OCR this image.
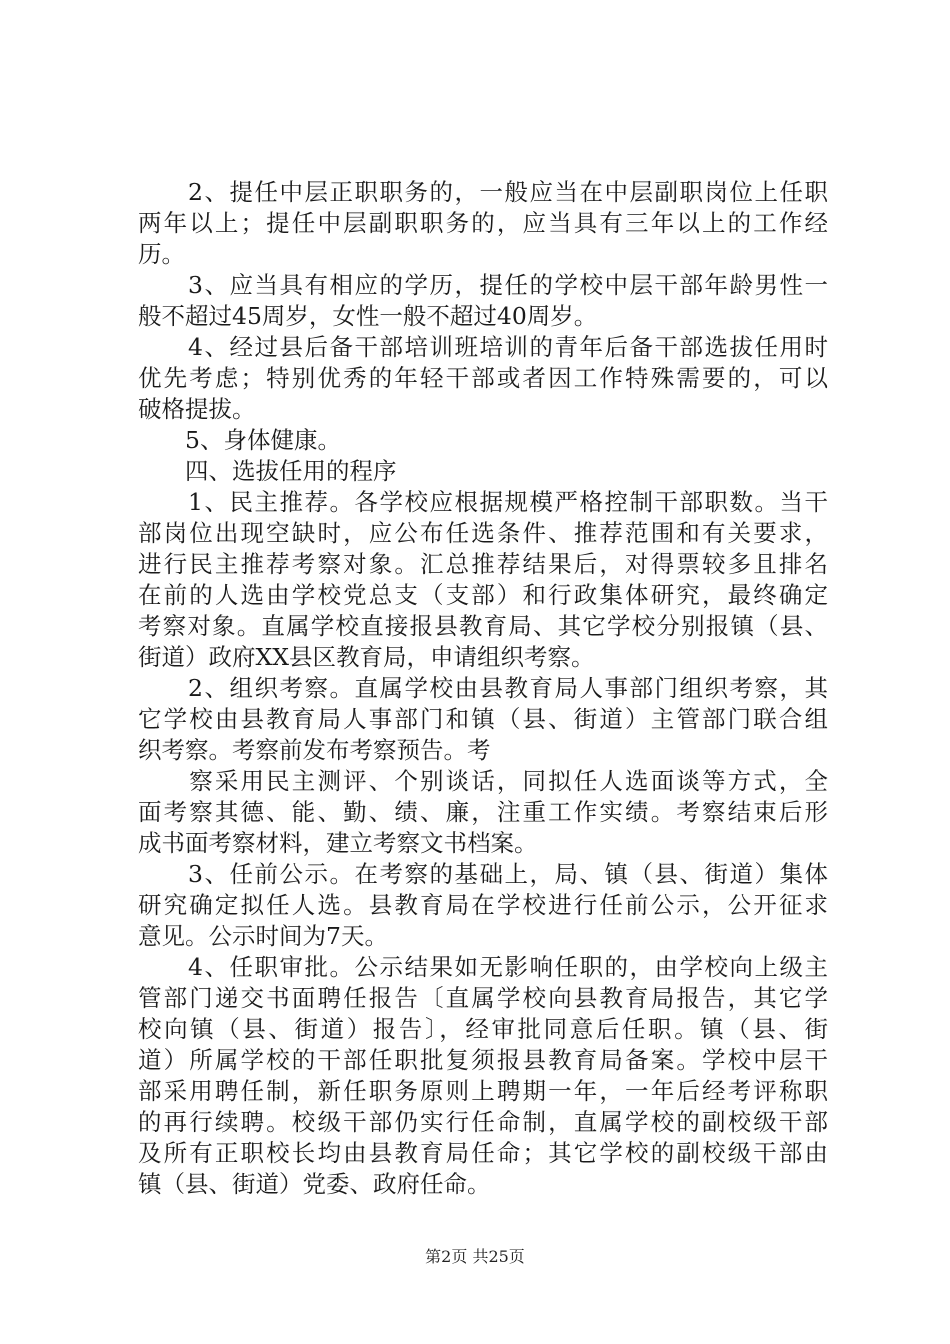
　　2、提任中层正职职务的，一般应当在中层副职岗位上任职
两年以上；提任中层副职职务的，应当具有三年以上的工作经
历。
　　3、应当具有相应的学历，提任的学校中层干部年龄男性一
般不超过45周岁，女性一般不超过40周岁。
　　4、经过县后备干部培训班培训的青年后备干部选拔任用时
优先考虑；特别优秀的年轻干部或者因工作特殊需要的，可以
破格提拔。
　　5、身体健康。
　　四、选拔任用的程序
　　1、民主推荐。各学校应根据规模严格控制干部职数。当干
部岗位出现空缺时，应公布任选条件、推荐范围和有关要求，
进行民主推荐考察对象。汇总推荐结果后，对得票较多且排名
在前的人选由学校党总支（支部）和行政集体研究，最终确定
考察对象。直属学校直接报县教育局、其它学校分别报镇（县、
街道）政府XX县区教育局，申请组织考察。
　　2、组织考察。直属学校由县教育局人事部门组织考察，其
它学校由县教育局人事部门和镇（县、街道）主管部门联合组
织考察。考察前发布考察预告。考
　　察采用民主测评、个别谈话，同拟任人选面谈等方式，全
面考察其德、能、勤、绩、廉，注重工作实绩。考察结束后形
成书面考察材料，建立考察文书档案。
　　3、任前公示。在考察的基础上，局、镇（县、街道）集体
研究确定拟任人选。县教育局在学校进行任前公示，公开征求
意见。公示时间为7天。
　　4、任职审批。公示结果如无影响任职的，由学校向上级主
管部门递交书面聘任报告〔直属学校向县教育局报告，其它学
校向镇（县、街道）报告〕，经审批同意后任职。镇（县、街
道）所属学校的干部任职批复须报县教育局备案。学校中层干
部采用聘任制，新任职务原则上聘期一年，一年后经考评称职
的再行续聘。校级干部仍实行任命制，直属学校的副校级干部
及所有正职校长均由县教育局任命；其它学校的副校级干部由
镇（县、街道）党委、政府任命。
第2页 共25页
